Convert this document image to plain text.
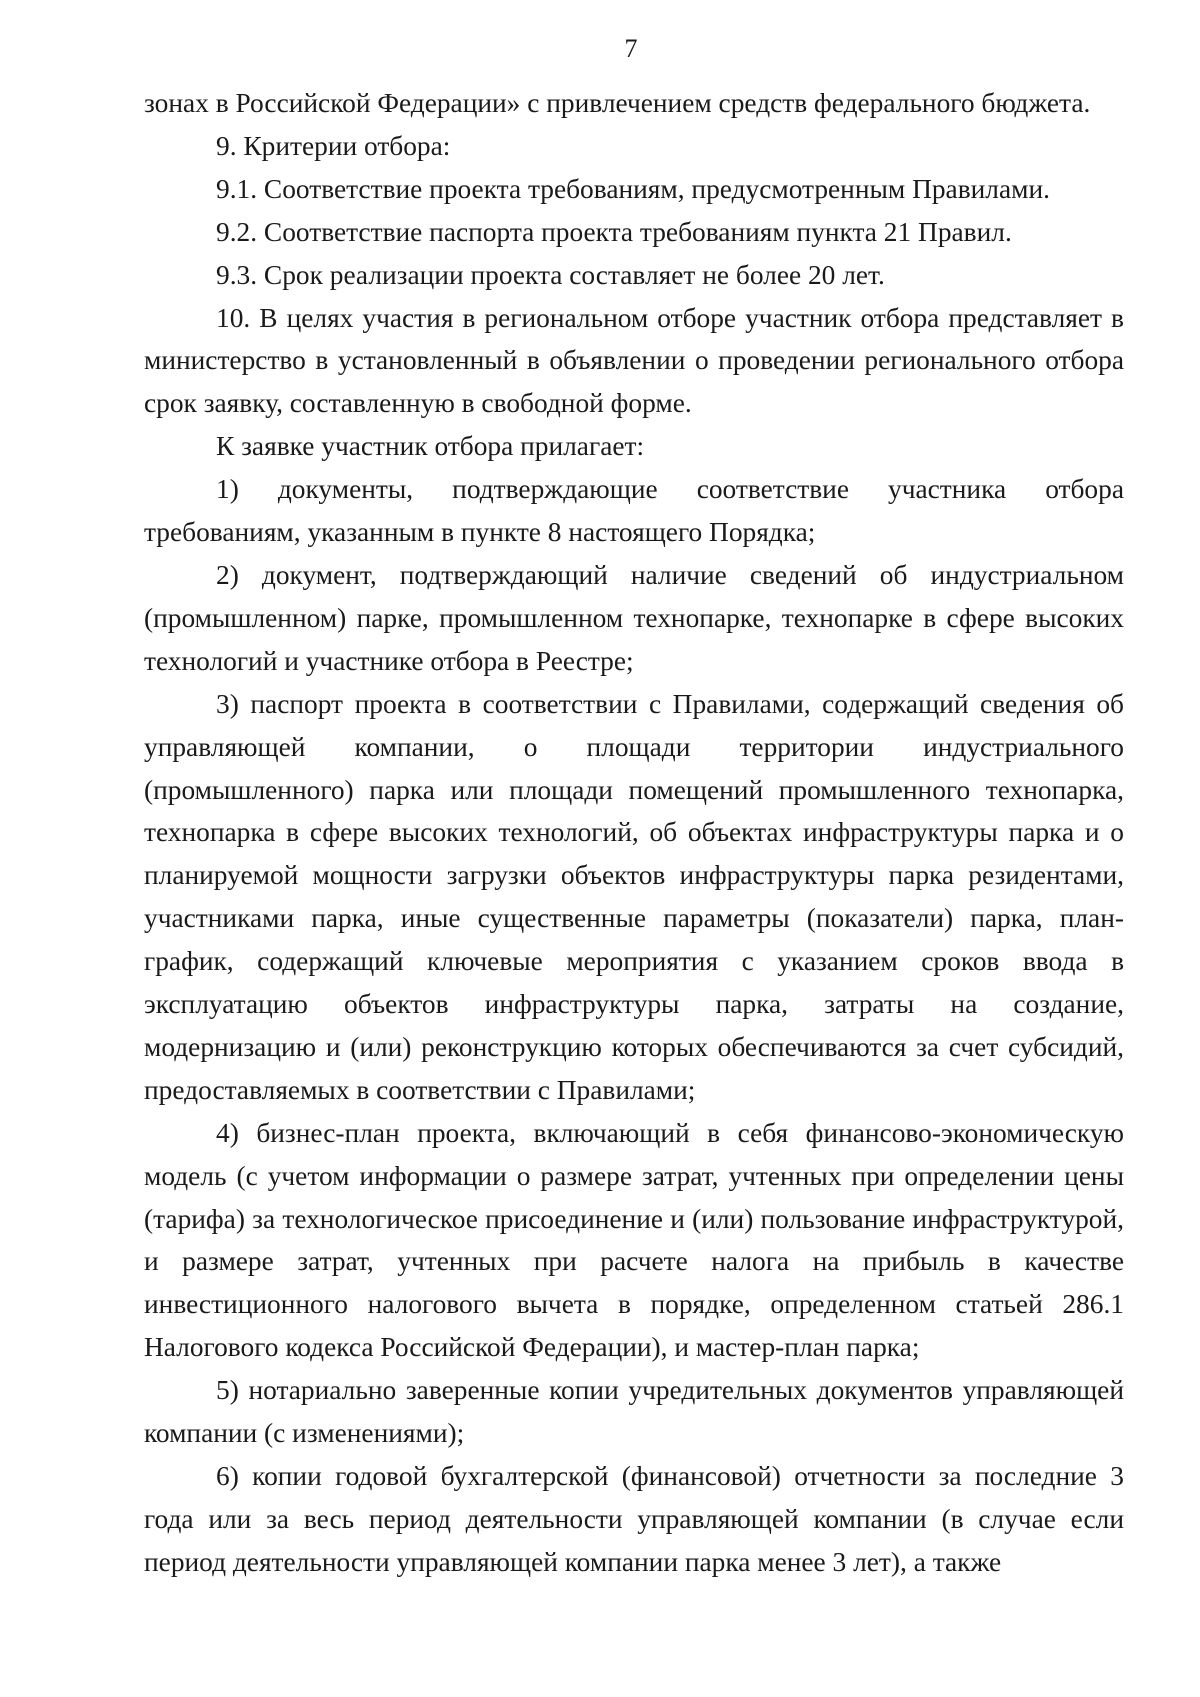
7

зонах в Российской Федерации» с привлечением средств федерального бюджета.

9. Критерии отбора:

9.1. Соответствие проекта требованиям, предусмотренным Правилами.

9.2. Соответствие паспорта проекта требованиям пункта 21 Правил.

9.3. Срок реализации проекта составляет не более 20 лет.

10. В целях участия в региональном отборе участник отбора представляет в министерство в установленный в объявлении о проведении регионального отбора срок заявку, составленную в свободной форме.

К заявке участник отбора прилагает:

1) документы, подтверждающие соответствие участника отбора требованиям, указанным в пункте 8 настоящего Порядка;

2) документ, подтверждающий наличие сведений об индустриальном (промышленном) парке, промышленном технопарке, технопарке в сфере высоких технологий и участнике отбора в Реестре;

3) паспорт проекта в соответствии с Правилами, содержащий сведения об управляющей компании, о площади территории индустриального (промышленного) парка или площади помещений промышленного технопарка, технопарка в сфере высоких технологий, об объектах инфраструктуры парка и о планируемой мощности загрузки объектов инфраструктуры парка резидентами, участниками парка, иные существенные параметры (показатели) парка, план-график, содержащий ключевые мероприятия с указанием сроков ввода в эксплуатацию объектов инфраструктуры парка, затраты на создание, модернизацию и (или) реконструкцию которых обеспечиваются за счет субсидий, предоставляемых в соответствии с Правилами;

4) бизнес-план проекта, включающий в себя финансово-экономическую модель (с учетом информации о размере затрат, учтенных при определении цены (тарифа) за технологическое присоединение и (или) пользование инфраструктурой, и размере затрат, учтенных при расчете налога на прибыль в качестве инвестиционного налогового вычета в порядке, определенном статьей 286.1 Налогового кодекса Российской Федерации), и мастер-план парка;

5) нотариально заверенные копии учредительных документов управляющей компании (с изменениями);

6) копии годовой бухгалтерской (финансовой) отчетности за последние 3 года или за весь период деятельности управляющей компании (в случае если период деятельности управляющей компании парка менее 3 лет), а также
